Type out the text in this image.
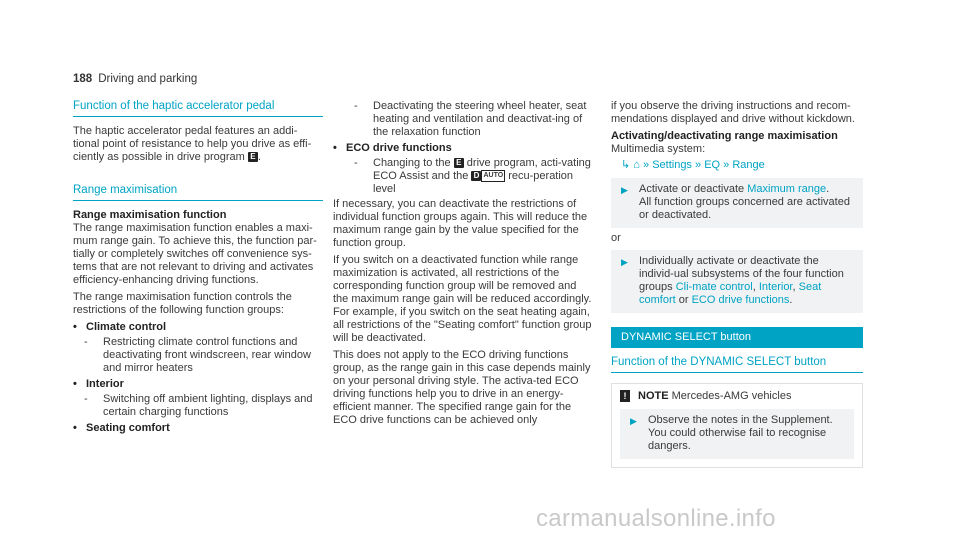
188 Driving and parking
Function of the haptic accelerator pedal

The haptic accelerator pedal features an addi-tional point of resistance to help you drive as effi-ciently as possible in drive program E .

Range maximisation
Range maximisation function

The range maximisation function enables a maxi-mum range gain. To achieve this, the function par-tially or completely switches off convenience sys-tems that are not relevant to driving and activates efficiency-enhancing driving functions.

The range maximisation function controls the restrictions of the following function groups:

• Climate control
- Restricting climate control functions and deactivating front windscreen, rear window and mirror heaters
• Interior
- Switching off ambient lighting, displays and certain charging functions
• Seating comfort
- Deactivating the steering wheel heater, seat heating and ventilation and deactivat-ing of the relaxation function
• ECO drive functions
- Changing to the E drive program, acti-vating ECO Assist and the D AUTO recu-peration level

If necessary, you can deactivate the restrictions of individual function groups again. This will reduce the maximum range gain by the value specified for the function group.

If you switch on a deactivated function while range maximization is activated, all restrictions of the corresponding function group will be removed and the maximum range gain will be reduced accordingly. For example, if you switch on the seat heating again, all restrictions of the "Seating comfort" function group will be deactivated.

This does not apply to the ECO driving functions group, as the range gain in this case depends mainly on your personal driving style. The activa-ted ECO driving functions help you to drive in an energy-efficient manner. The specified range gain for the ECO drive functions can be achieved only

if you observe the driving instructions and recom-mendations displayed and drive without kickdown.

Activating/deactivating range maximisation
Multimedia system:
↳ ⌂ » Settings » EQ » Range
▶ Activate or deactivate Maximum range.
All function groups concerned are activated or deactivated.
or
▶ Individually activate or deactivate the individ-ual subsystems of the four function groups Cli-mate control, Interior, Seat comfort or ECO drive functions.
DYNAMIC SELECT button
Function of the DYNAMIC SELECT button
! NOTE Mercedes-AMG vehicles
▶ Observe the notes in the Supplement. You could otherwise fail to recognise dangers.
carmanualsonline.info
